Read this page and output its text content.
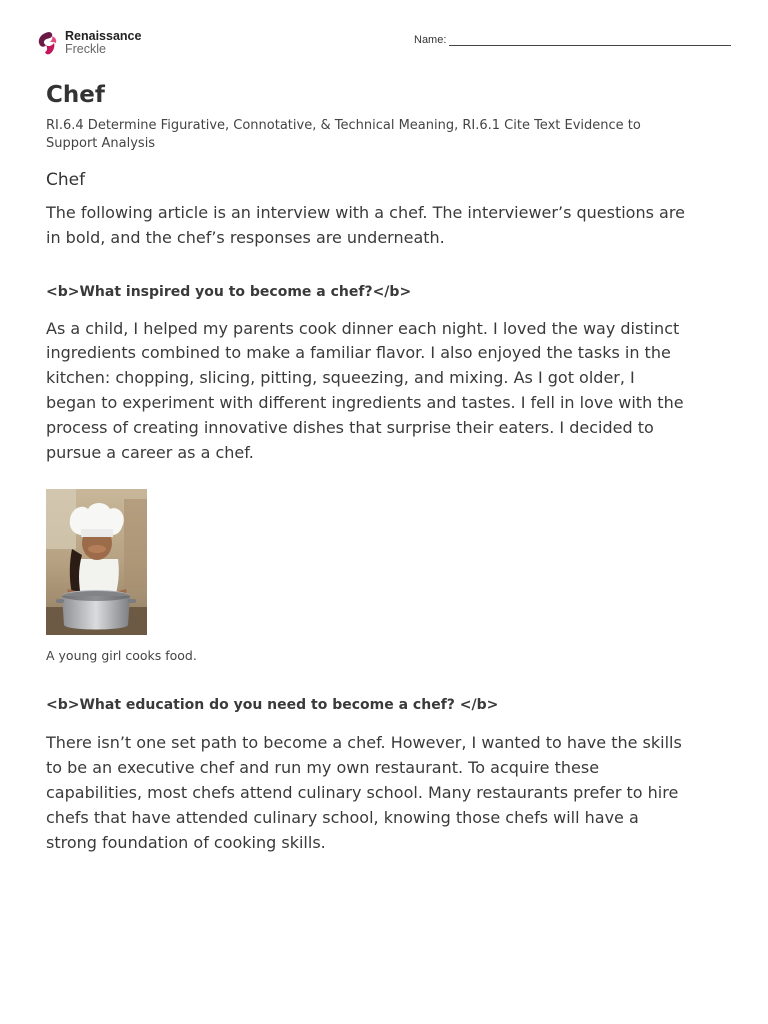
Renaissance
Freckle
Name:
Chef
RI.6.4 Determine Figurative, Connotative, & Technical Meaning, RI.6.1 Cite Text Evidence to Support Analysis
Chef
The following article is an interview with a chef. The interviewer’s questions are in bold, and the chef’s responses are underneath.
<b>What inspired you to become a chef?</b>
As a child, I helped my parents cook dinner each night. I loved the way distinct ingredients combined to make a familiar flavor. I also enjoyed the tasks in the kitchen: chopping, slicing, pitting, squeezing, and mixing. As I got older, I began to experiment with different ingredients and tastes. I fell in love with the process of creating innovative dishes that surprise their eaters. I decided to pursue a career as a chef.
A young girl cooks food.
<b>What education do you need to become a chef? </b>
There isn’t one set path to become a chef. However, I wanted to have the skills to be an executive chef and run my own restaurant. To acquire these capabilities, most chefs attend culinary school. Many restaurants prefer to hire chefs that have attended culinary school, knowing those chefs will have a strong foundation of cooking skills.
